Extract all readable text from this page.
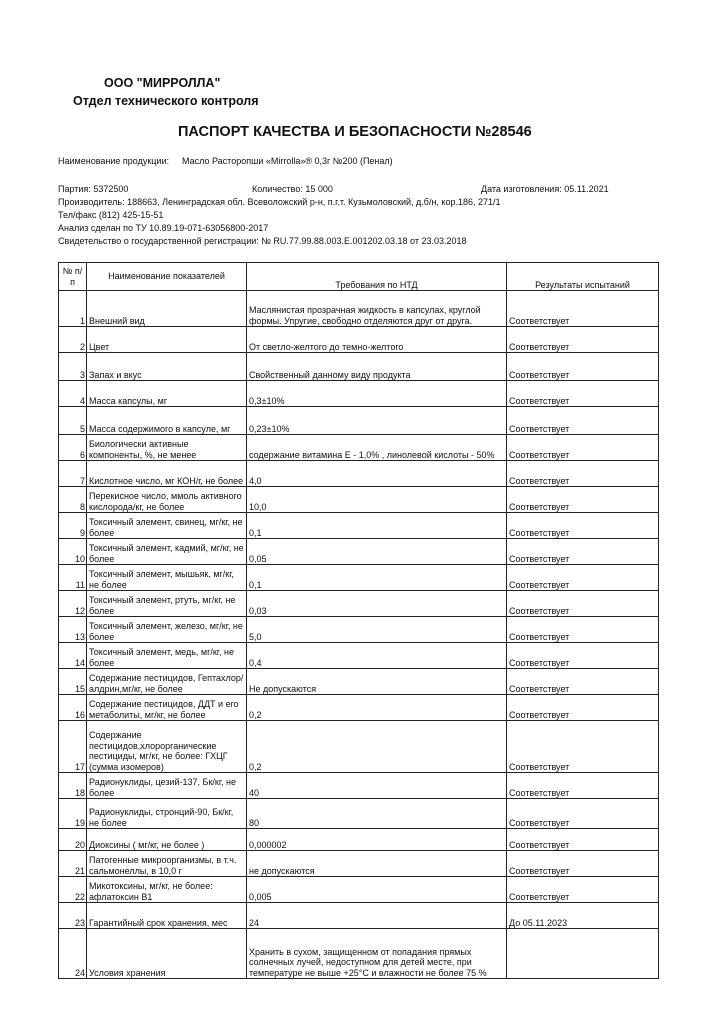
ООО "МИРРОЛЛА"
Отдел технического контроля
ПАСПОРТ КАЧЕСТВА И БЕЗОПАСНОСТИ №28546
Наименование продукции: Масло Расторопши «Mirrolla»® 0,3г №200 (Пенал)
Партия: 5372500	Количество: 15 000	Дата изготовления: 05.11.2021
Производитель: 188663, Ленинградская обл. Всеволожский р-н, п.г.т. Кузьмоловский, д.б/н, кор.186, 271/1
Тел/факс (812) 425-15-51
Анализ сделан по ТУ 10.89.19-071-63056800-2017
Свидетельство о государственной регистрации: № RU.77.99.88.003.Е.001202.03.18 от 23.03.2018
№ п/п	Наименование показателей	Требования по НТД	Результаты испытаний
1	Внешний вид	Маслянистая прозрачная жидкость в капсулах, круглой формы. Упругие, свободно отделяются друг от друга.	Соответствует
2	Цвет	От светло-желтого до темно-желтого	Соответствует
3	Запах и вкус	Свойственный данному виду продукта	Соответствует
4	Масса капсулы, мг	0,3±10%	Соответствует
5	Масса содержимого в капсуле, мг	0,23±10%	Соответствует
6	Биологически активные компоненты, %, не менее	содержание витамина Е - 1,0% , линолевой кислоты - 50%	Соответствует
7	Кислотное число, мг КОН/г, не более	4,0	Соответствует
8	Перекисное число, ммоль активного кислорода/кг, не более	10,0	Соответствует
9	Токсичный элемент, свинец, мг/кг, не более	0,1	Соответствует
10	Токсичный элемент, кадмий, мг/кг, не более	0,05	Соответствует
11	Токсичный элемент, мышьяк, мг/кг, не более	0,1	Соответствует
12	Токсичный элемент, ртуть, мг/кг, не более	0,03	Соответствует
13	Токсичный элемент, железо, мг/кг, не более	5,0	Соответствует
14	Токсичный элемент, медь, мг/кг, не более	0,4	Соответствует
15	Содержание пестицидов, Гептахлор/ алдрин,мг/кг, не более	Не допускаются	Соответствует
16	Содержание пестицидов, ДДТ и его метаболиты, мг/кг, не более	0,2	Соответствует
17	Содержание пестицидов,хлорорганические пестициды, мг/кг, не более: ГХЦГ (сумма изомеров)	0,2	Соответствует
18	Радионуклиды, цезий-137, Бк/кг, не более	40	Соответствует
19	Радионуклиды, стронций-90, Бк/кг, не более	80	Соответствует
20	Диоксины ( мг/кг, не более )	0,000002	Соответствует
21	Патогенные микроорганизмы, в т.ч. сальмонеллы, в 10,0 г	не допускаются	Соответствует
22	Микотоксины, мг/кг, не более: афлатоксин В1	0,005	Соответствует
23	Гарантийный срок хранения, мес	24	До 05.11.2023
24	Условия хранения	Хранить в сухом, защищенном от попадания прямых солнечных лучей, недоступном для детей месте, при температуре не выше +25°С и влажности не более 75 %	
